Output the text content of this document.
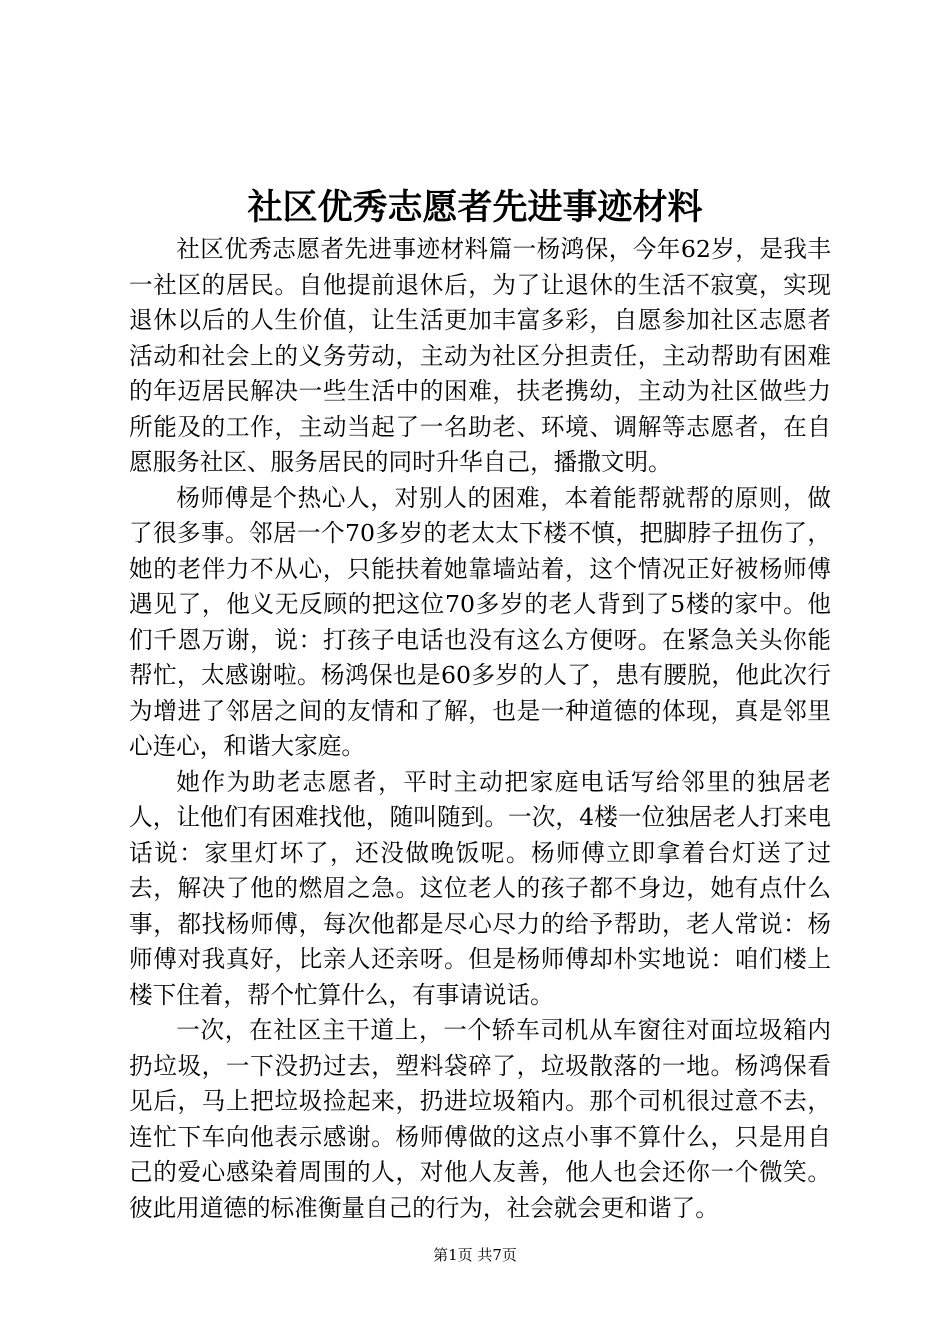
社区优秀志愿者先进事迹材料

社区优秀志愿者先进事迹材料篇一杨鸿保，今年62岁，是我丰一社区的居民。自他提前退休后，为了让退休的生活不寂寞，实现退休以后的人生价值，让生活更加丰富多彩，自愿参加社区志愿者活动和社会上的义务劳动，主动为社区分担责任，主动帮助有困难的年迈居民解决一些生活中的困难，扶老携幼，主动为社区做些力所能及的工作，主动当起了一名助老、环境、调解等志愿者，在自愿服务社区、服务居民的同时升华自己，播撒文明。

杨师傅是个热心人，对别人的困难，本着能帮就帮的原则，做了很多事。邻居一个70多岁的老太太下楼不慎，把脚脖子扭伤了，她的老伴力不从心，只能扶着她靠墙站着，这个情况正好被杨师傅遇见了，他义无反顾的把这位70多岁的老人背到了5楼的家中。他们千恩万谢，说：打孩子电话也没有这么方便呀。在紧急关头你能帮忙，太感谢啦。杨鸿保也是60多岁的人了，患有腰脱，他此次行为增进了邻居之间的友情和了解，也是一种道德的体现，真是邻里心连心，和谐大家庭。

她作为助老志愿者，平时主动把家庭电话写给邻里的独居老人，让他们有困难找他，随叫随到。一次，4楼一位独居老人打来电话说：家里灯坏了，还没做晚饭呢。杨师傅立即拿着台灯送了过去，解决了他的燃眉之急。这位老人的孩子都不身边，她有点什么事，都找杨师傅，每次他都是尽心尽力的给予帮助，老人常说：杨师傅对我真好，比亲人还亲呀。但是杨师傅却朴实地说：咱们楼上楼下住着，帮个忙算什么，有事请说话。

一次，在社区主干道上，一个轿车司机从车窗往对面垃圾箱内扔垃圾，一下没扔过去，塑料袋碎了，垃圾散落的一地。杨鸿保看见后，马上把垃圾捡起来，扔进垃圾箱内。那个司机很过意不去，连忙下车向他表示感谢。杨师傅做的这点小事不算什么，只是用自己的爱心感染着周围的人，对他人友善，他人也会还你一个微笑。彼此用道德的标准衡量自己的行为，社会就会更和谐了。

第1页 共7页
